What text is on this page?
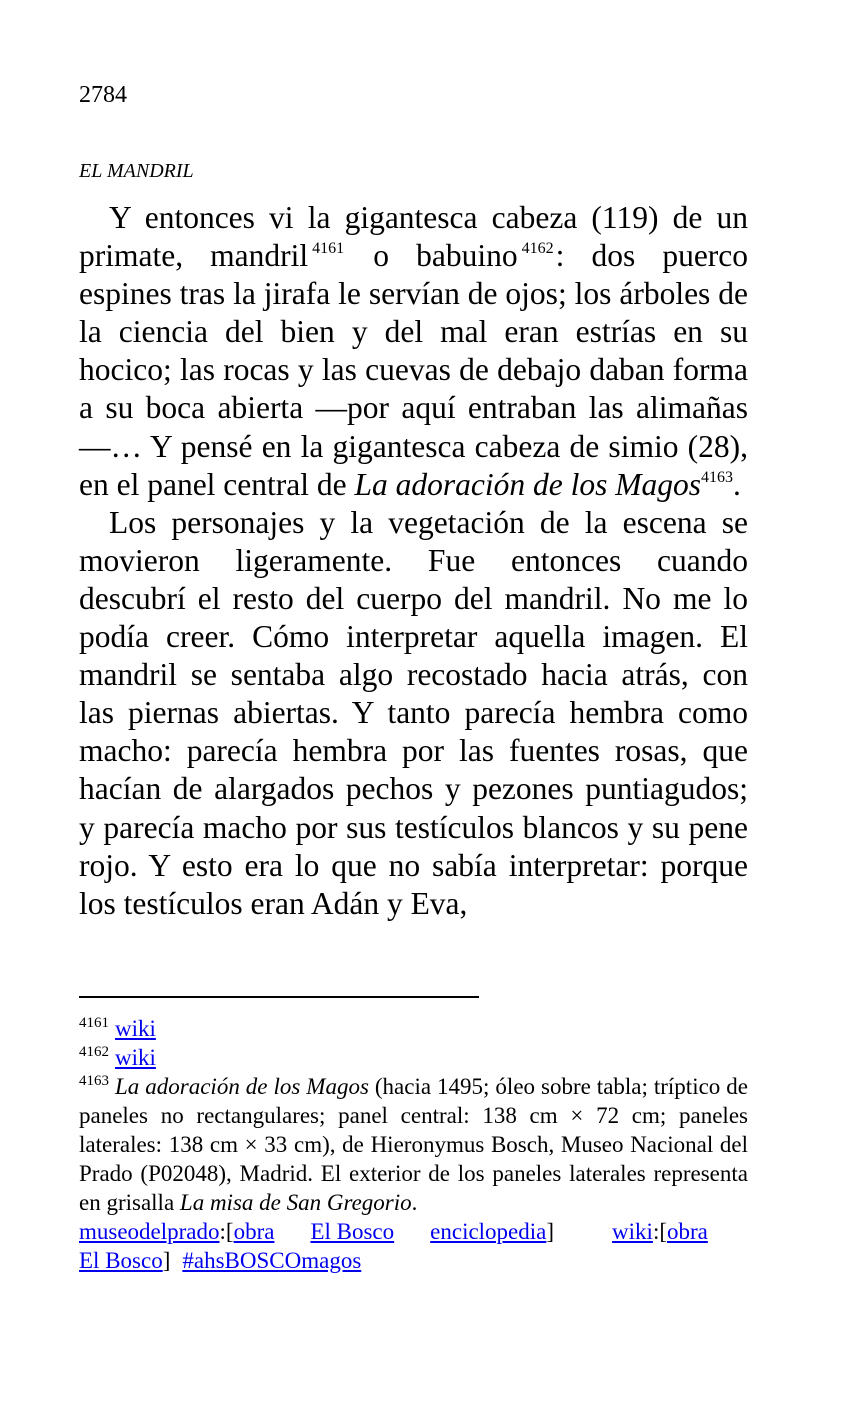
2784
EL MANDRIL

Y entonces vi la gigantesca cabeza (119) de un primate, mandril $^{4161}$ o babuino $^{4162}$: dos puerco espines tras la jirafa le servían de ojos; los árboles de la ciencia del bien y del mal eran estrías en su hocico; las rocas y las cuevas de debajo daban forma a su boca abierta —por aquí entraban las alimañas—… Y pensé en la gigantesca cabeza de simio (28), en el panel central de La adoración de los Magos$^{4163}$.

Los personajes y la vegetación de la escena se movieron ligeramente. Fue entonces cuando descubrí el resto del cuerpo del mandril. No me lo podía creer. Cómo interpretar aquella imagen. El mandril se sentaba algo recostado hacia atrás, con las piernas abiertas. Y tanto parecía hembra como macho: parecía hembra por las fuentes rosas, que hacían de alargados pechos y pezones puntiagudos; y parecía macho por sus testículos blancos y su pene rojo. Y esto era lo que no sabía interpretar: porque los testículos eran Adán y Eva,

$^{4161}$ wiki

$^{4162}$ wiki

$^{4163}$ La adoración de los Magos (hacia 1495; óleo sobre tabla; tríptico de paneles no rectangulares; panel central: 138 cm × 72 cm; paneles laterales: 138 cm × 33 cm), de Hieronymus Bosch, Museo Nacional del Prado (P02048), Madrid. El exterior de los paneles laterales representa en grisalla La misa de San Gregorio.

museodelprado:[obra El Bosco enciclopedia]	wiki:[obra
El Bosco] #ahsBOSCOmagos
